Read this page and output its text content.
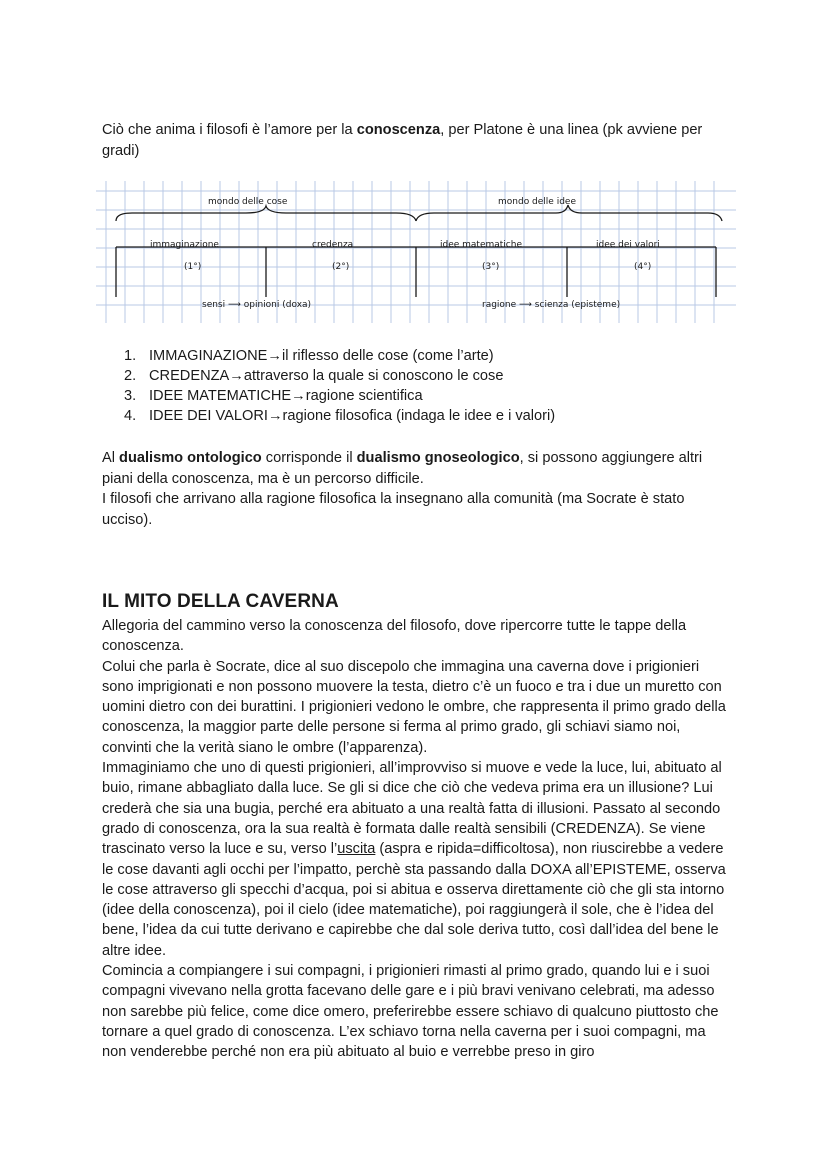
Ciò che anima i filosofi è l’amore per la conoscenza, per Platone è una linea (pk avviene per gradi)
mondo delle cose	mondo delle idee
immaginazione
(1°)
credenza
(2°)
idee matematiche
(3°)
idee dei valori
(4°)
sensi ⟶ opinioni (doxa)	ragione ⟶ scienza (episteme)
1. IMMAGINAZIONE→il riflesso delle cose (come l’arte)
2. CREDENZA→attraverso la quale si conoscono le cose
3. IDEE MATEMATICHE→ragione scientifica
4. IDEE DEI VALORI→ragione filosofica (indaga le idee e i valori)
Al dualismo ontologico corrisponde il dualismo gnoseologico, si possono aggiungere altri piani della conoscenza, ma è un percorso difficile.
I filosofi che arrivano alla ragione filosofica la insegnano alla comunità (ma Socrate è stato ucciso).
IL MITO DELLA CAVERNA

Allegoria del cammino verso la conoscenza del filosofo, dove ripercorre tutte le tappe della conoscenza.

Colui che parla è Socrate, dice al suo discepolo che immagina una caverna dove i prigionieri sono imprigionati e non possono muovere la testa, dietro c’è un fuoco e tra i due un muretto con uomini dietro con dei burattini. I prigionieri vedono le ombre, che rappresenta il primo grado della conoscenza, la maggior parte delle persone si ferma al primo grado, gli schiavi siamo noi, convinti che la verità siano le ombre (l’apparenza).

Immaginiamo che uno di questi prigionieri, all’improvviso si muove e vede la luce, lui, abituato al buio, rimane abbagliato dalla luce. Se gli si dice che ciò che vedeva prima era un illusione? Lui crederà che sia una bugia, perché era abituato a una realtà fatta di illusioni. Passato al secondo grado di conoscenza, ora la sua realtà è formata dalle realtà sensibili (CREDENZA). Se viene trascinato verso la luce e su, verso l’uscita (aspra e ripida=difficoltosa), non riuscirebbe a vedere le cose davanti agli occhi per l’impatto, perchè sta passando dalla DOXA all’EPISTEME, osserva le cose attraverso gli specchi d’acqua, poi si abitua e osserva direttamente ciò che gli sta intorno (idee della conoscenza), poi il cielo (idee matematiche), poi raggiungerà il sole, che è l’idea del bene, l’idea da cui tutte derivano e capirebbe che dal sole deriva tutto, così dall’idea del bene le altre idee.

Comincia a compiangere i sui compagni, i prigionieri rimasti al primo grado, quando lui e i suoi compagni vivevano nella grotta facevano delle gare e i più bravi venivano celebrati, ma adesso non sarebbe più felice, come dice omero, preferirebbe essere schiavo di qualcuno piuttosto che tornare a quel grado di conoscenza. L’ex schiavo torna nella caverna per i suoi compagni, ma non venderebbe perché non era più abituato al buio e verrebbe preso in giro
